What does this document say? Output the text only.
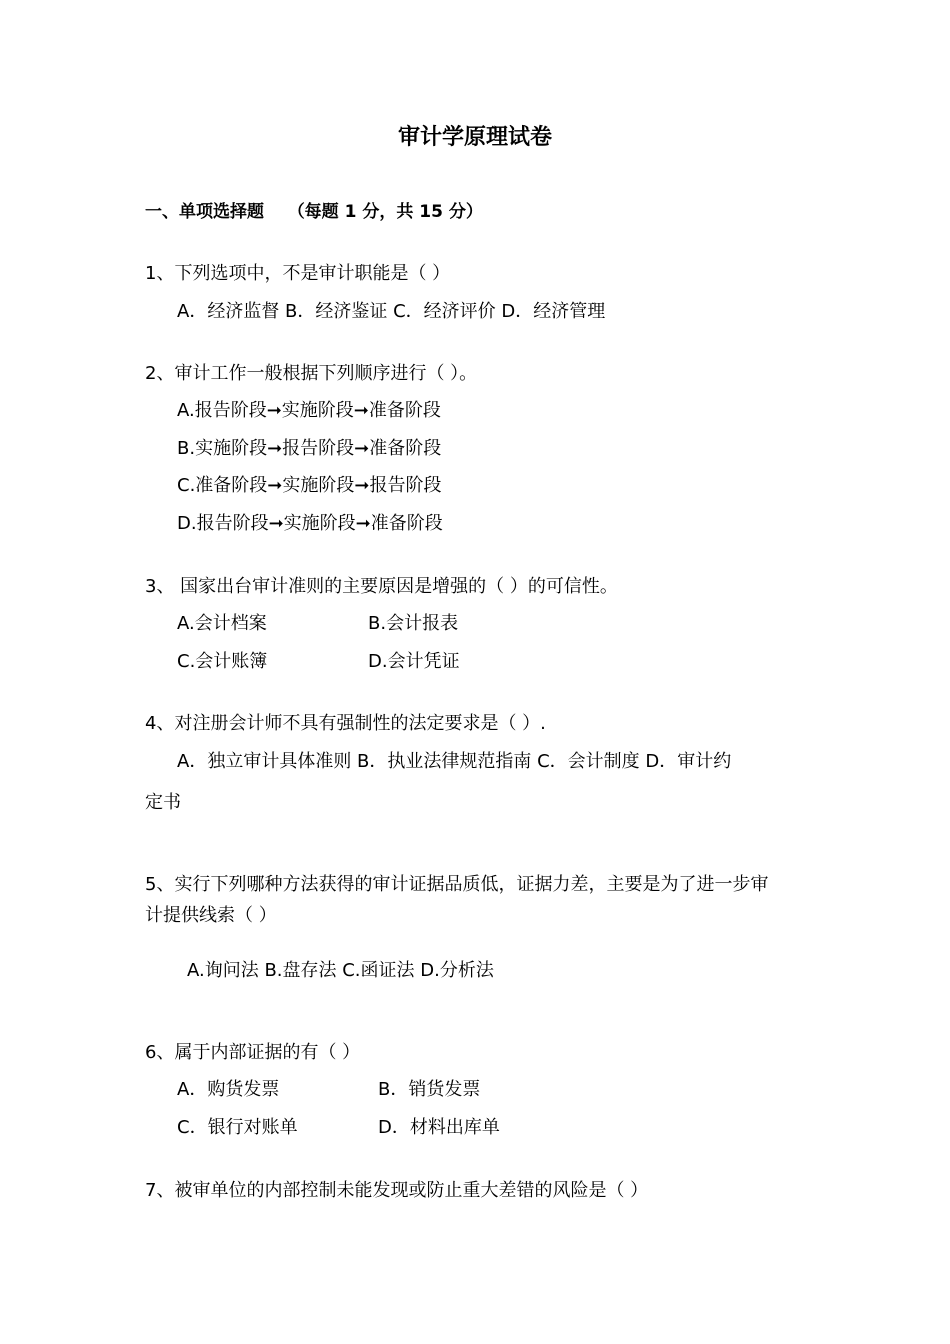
审计学原理试卷
一、单项选择题 （每题 1 分，共 15 分）
1、下列选项中，不是审计职能是（ ）
A．经济监督 B．经济鉴证 C．经济评价 D．经济管理
2、审计工作一般根据下列顺序进行（ ）。
A.报告阶段➞实施阶段➞准备阶段
B.实施阶段➞报告阶段➞准备阶段
C.准备阶段➞实施阶段➞报告阶段
D.报告阶段➞实施阶段➞准备阶段
3、 国家出台审计准则的主要原因是增强的（ ）的可信性。
A.会计档案	B.会计报表
C.会计账簿	D.会计凭证
4、对注册会计师不具有强制性的法定要求是（ ）.
A．独立审计具体准则 B．执业法律规范指南 C．会计制度 D．审计约
定书
5、实行下列哪种方法获得的审计证据品质低，证据力差，主要是为了进一步审
计提供线索（ ）
A.询问法 B.盘存法 C.函证法 D.分析法
6、属于内部证据的有（ ）
A．购货发票	B．销货发票
C．银行对账单	D．材料出库单
7、被审单位的内部控制未能发现或防止重大差错的风险是（ ）
